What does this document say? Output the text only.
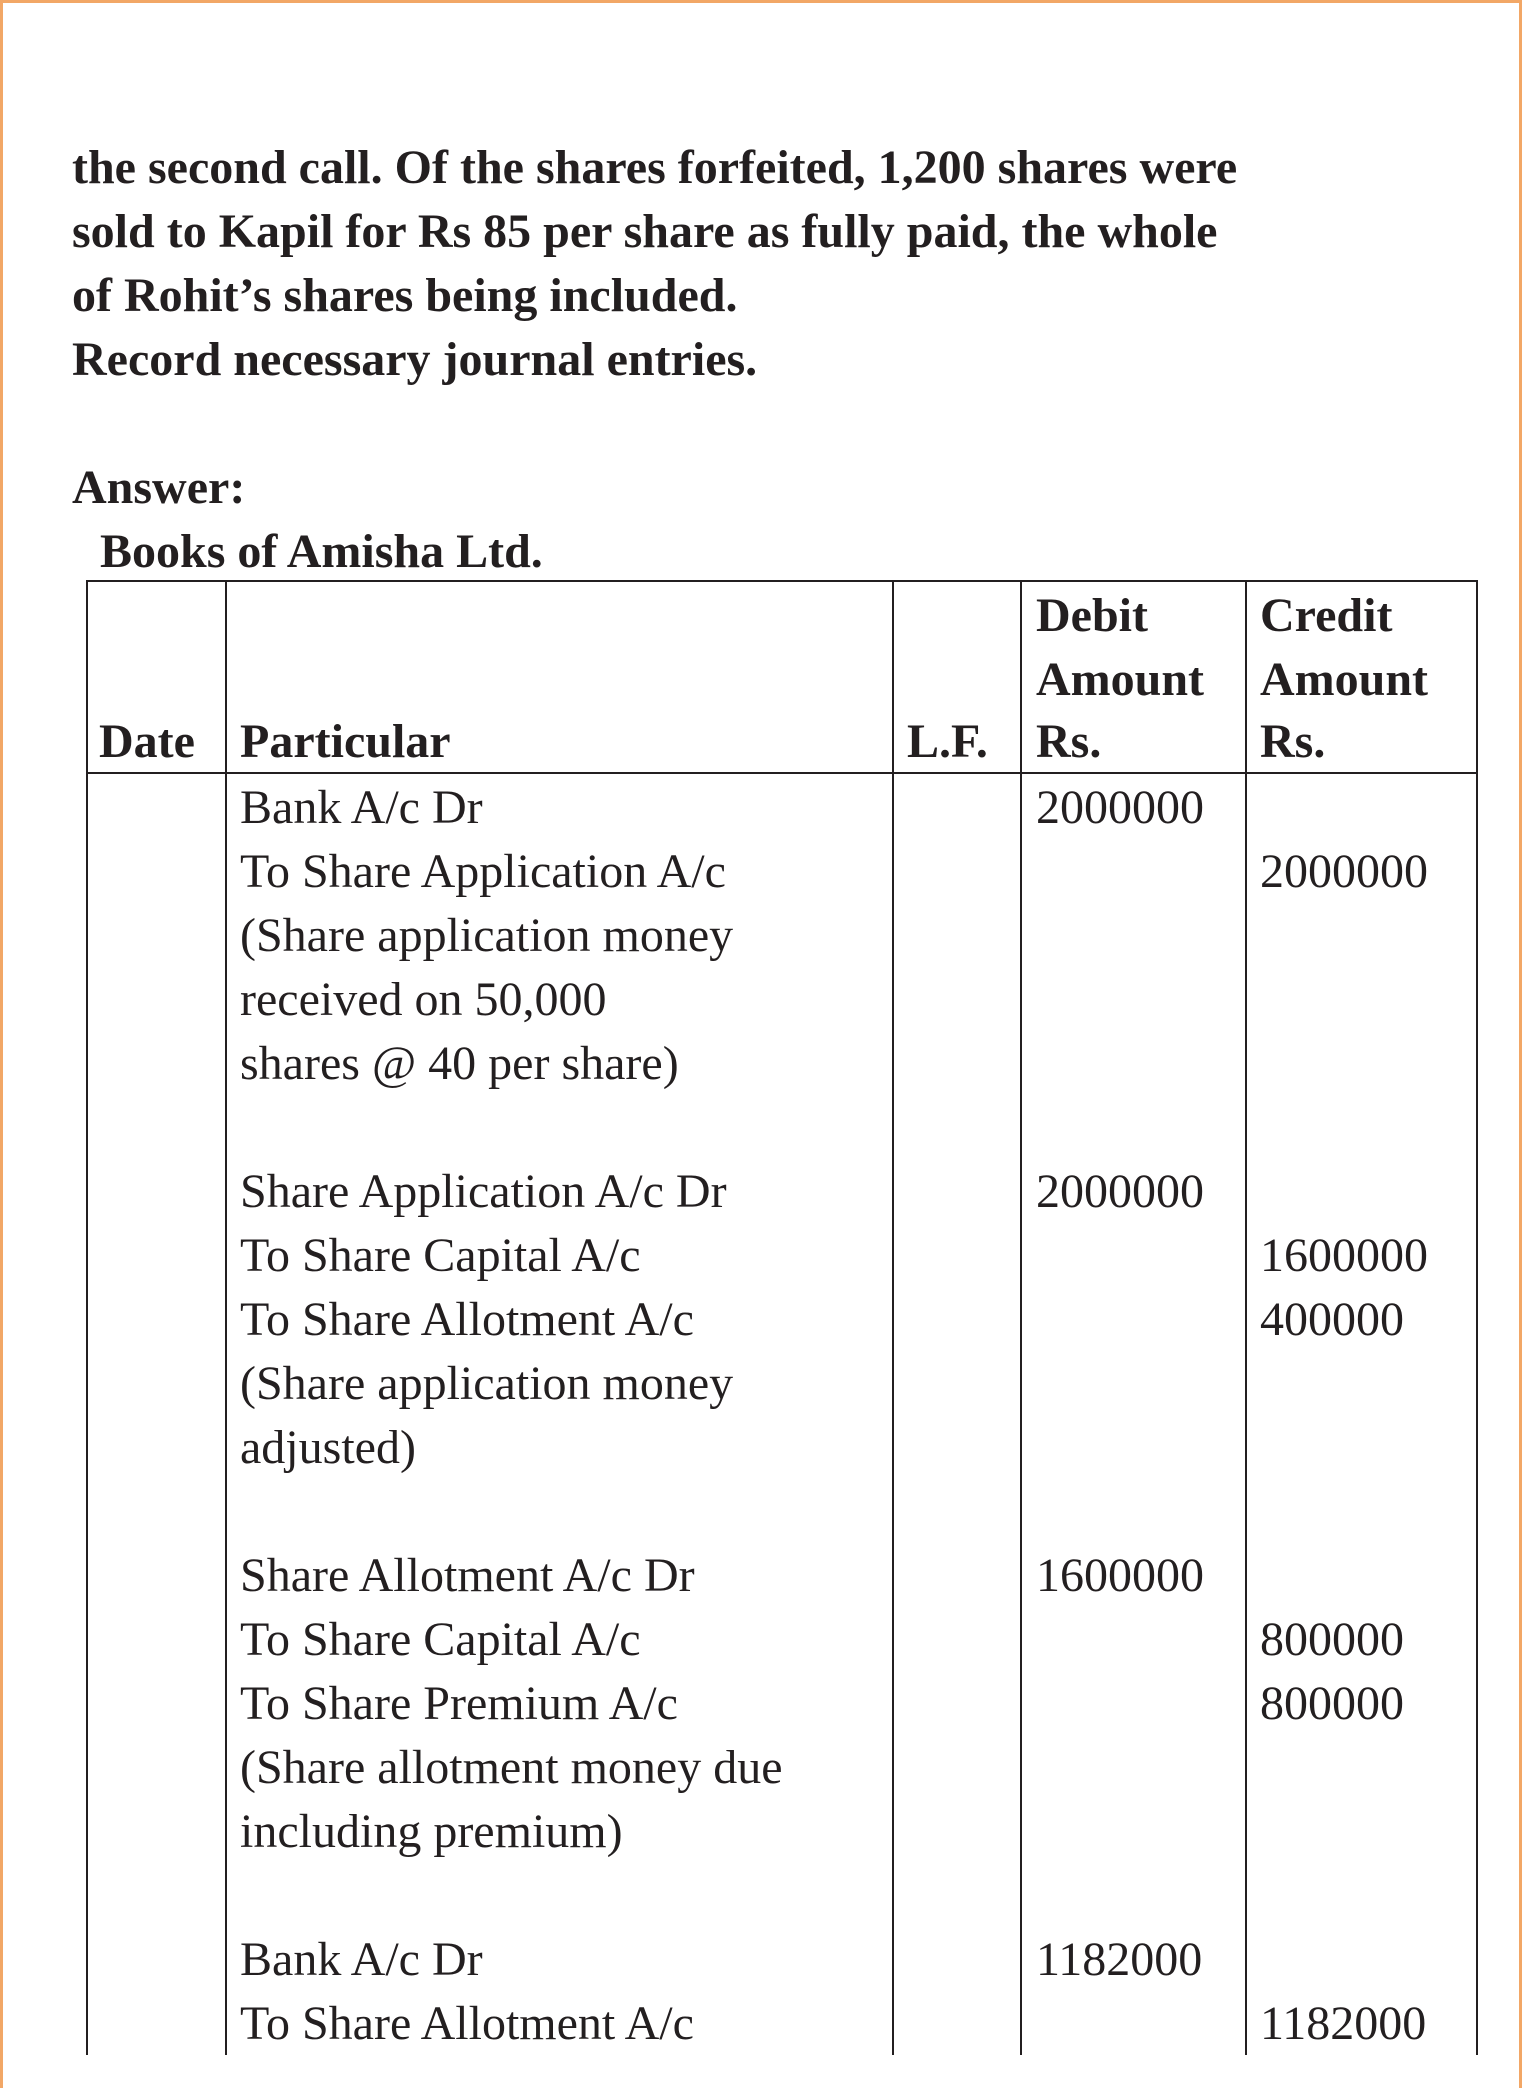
the second call. Of the shares forfeited, 1,200 shares were
sold to Kapil for Rs 85 per share as fully paid, the whole
of Rohit’s shares being included.
Record necessary journal entries.
Answer:
Books of Amisha Ltd.
Date Particular	L.F.
Debit
Amount
Rs.
Credit
Amount
Rs.
Bank A/c Dr
To Share Application A/c
(Share application money
received on 50,000
shares @ 40 per share)
2000000
2000000
Share Application A/c Dr
To Share Capital A/c
To Share Allotment A/c
(Share application money
adjusted)
2000000
1600000
400000
Share Allotment A/c Dr
To Share Capital A/c
To Share Premium A/c
(Share allotment money due
including premium)
1600000
800000
800000
Bank A/c Dr
To Share Allotment A/c
1182000
1182000
